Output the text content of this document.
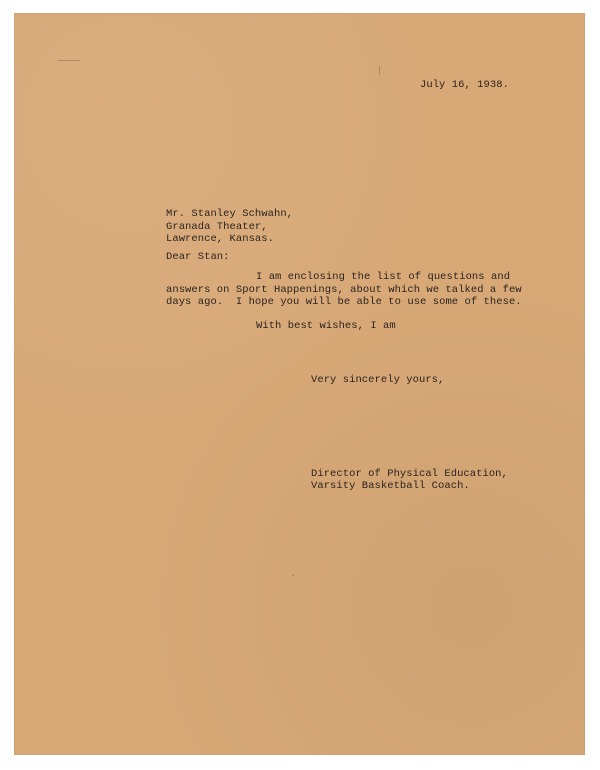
July 16, 1938.
Mr. Stanley Schwahn,
Granada Theater,
Lawrence, Kansas.
Dear Stan:
I am enclosing the list of questions and
answers on Sport Happenings, about which we talked a few
days ago.  I hope you will be able to use some of these.
With best wishes, I am
Very sincerely yours,
Director of Physical Education,
Varsity Basketball Coach.
